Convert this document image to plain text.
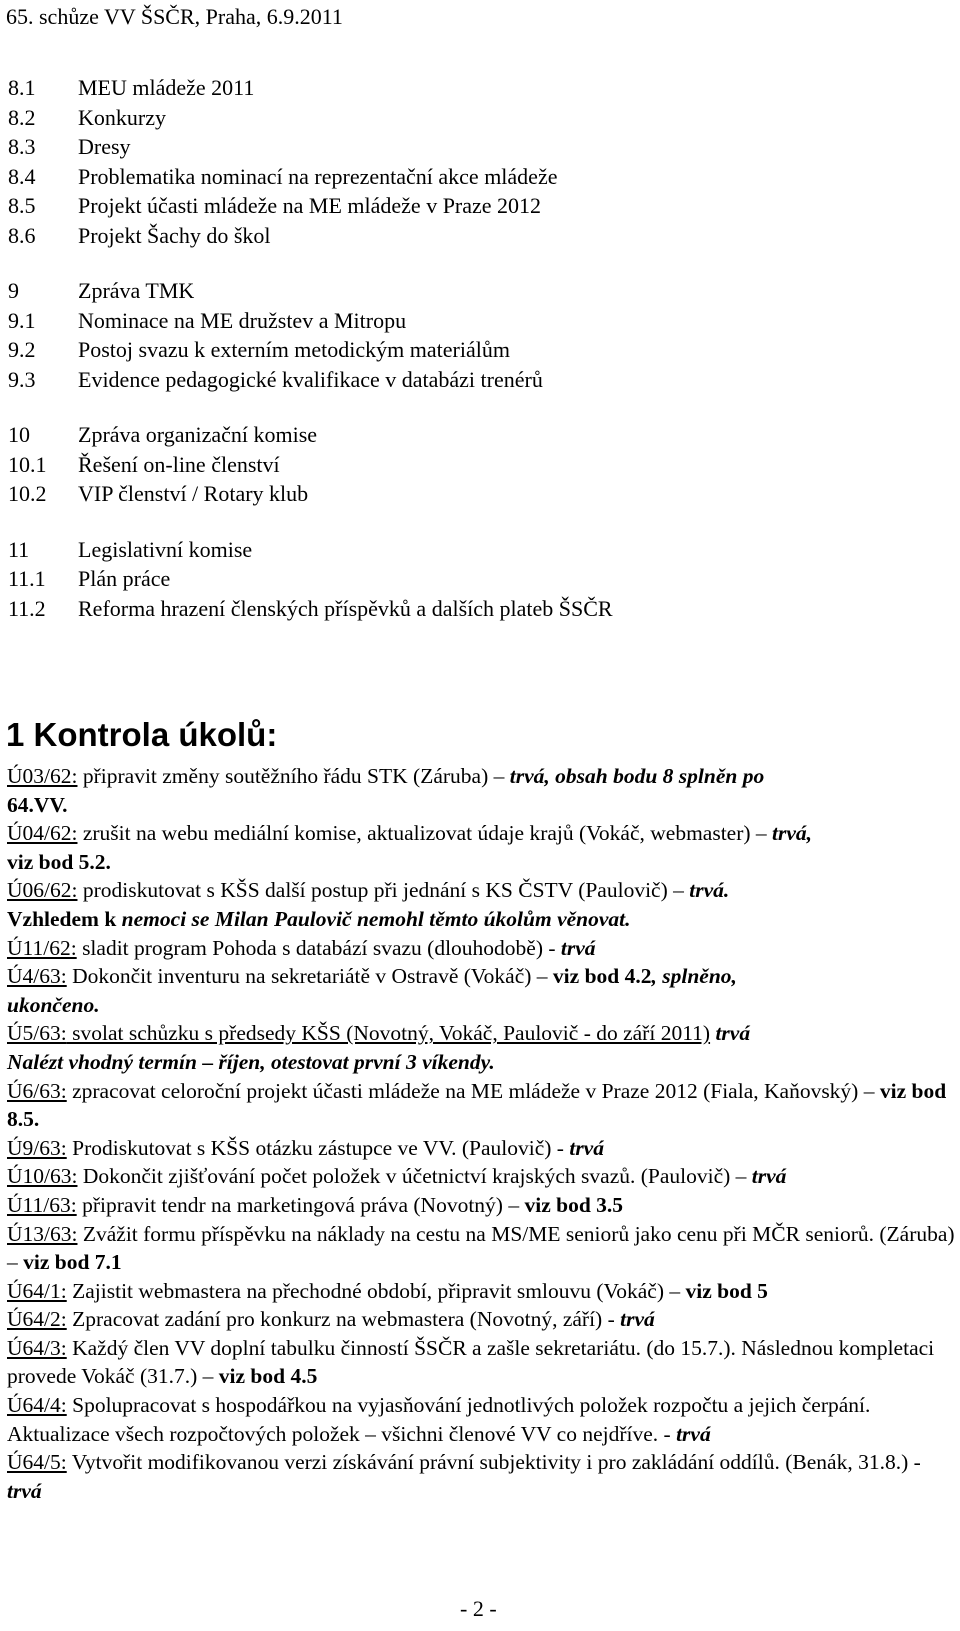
65. schůze VV ŠSČR, Praha, 6.9.2011
8.1	MEU mládeže 2011
8.2	Konkurzy
8.3	Dresy
8.4	Problematika nominací na reprezentační akce mládeže
8.5	Projekt účasti mládeže na ME mládeže v Praze 2012
8.6	Projekt Šachy do škol
9	Zpráva TMK
9.1	Nominace na ME družstev a Mitropu
9.2	Postoj svazu k externím metodickým materiálům
9.3	Evidence pedagogické kvalifikace v databázi trenérů
10	Zpráva organizační komise
10.1	Řešení on-line členství
10.2	VIP členství / Rotary klub
11	Legislativní komise
11.1	Plán práce
11.2	Reforma hrazení členských příspěvků a dalších plateb ŠSČR
1 Kontrola úkolů:

Ú03/62: připravit změny soutěžního řádu STK (Záruba) – trvá, obsah bodu 8 splněn po
64.VV.

Ú04/62: zrušit na webu mediální komise, aktualizovat údaje krajů (Vokáč, webmaster) – trvá,
viz bod 5.2.

Ú06/62: prodiskutovat s KŠS další postup při jednání s KS ČSTV (Paulovič) – trvá.
Vzhledem k nemoci se Milan Paulovič nemohl těmto úkolům věnovat.

Ú11/62: sladit program Pohoda s databází svazu (dlouhodobě) - trvá

Ú4/63: Dokončit inventuru na sekretariátě v Ostravě (Vokáč) – viz bod 4.2, splněno,
ukončeno.

Ú5/63: svolat schůzku s předsedy KŠS (Novotný, Vokáč, Paulovič - do září 2011) trvá
Nalézt vhodný termín – říjen, otestovat první 3 víkendy.

Ú6/63: zpracovat celoroční projekt účasti mládeže na ME mládeže v Praze 2012 (Fiala, Kaňovský) – viz bod 8.5.

Ú9/63: Prodiskutovat s KŠS otázku zástupce ve VV. (Paulovič) - trvá

Ú10/63: Dokončit zjišťování počet položek v účetnictví krajských svazů. (Paulovič) – trvá

Ú11/63: připravit tendr na marketingová práva (Novotný) – viz bod 3.5

Ú13/63: Zvážit formu příspěvku na náklady na cestu na MS/ME seniorů jako cenu při MČR seniorů. (Záruba) – viz bod 7.1

Ú64/1: Zajistit webmastera na přechodné období, připravit smlouvu (Vokáč) – viz bod 5

Ú64/2: Zpracovat zadání pro konkurz na webmastera (Novotný, září) - trvá

Ú64/3: Každý člen VV doplní tabulku činností ŠSČR a zašle sekretariátu. (do 15.7.). Následnou kompletaci provede Vokáč (31.7.) – viz bod 4.5

Ú64/4: Spolupracovat s hospodářkou na vyjasňování jednotlivých položek rozpočtu a jejich čerpání. Aktualizace všech rozpočtových položek – všichni členové VV co nejdříve. - trvá

Ú64/5: Vytvořit modifikovanou verzi získávání právní subjektivity i pro zakládání oddílů. (Benák, 31.8.) - trvá

- 2 -
